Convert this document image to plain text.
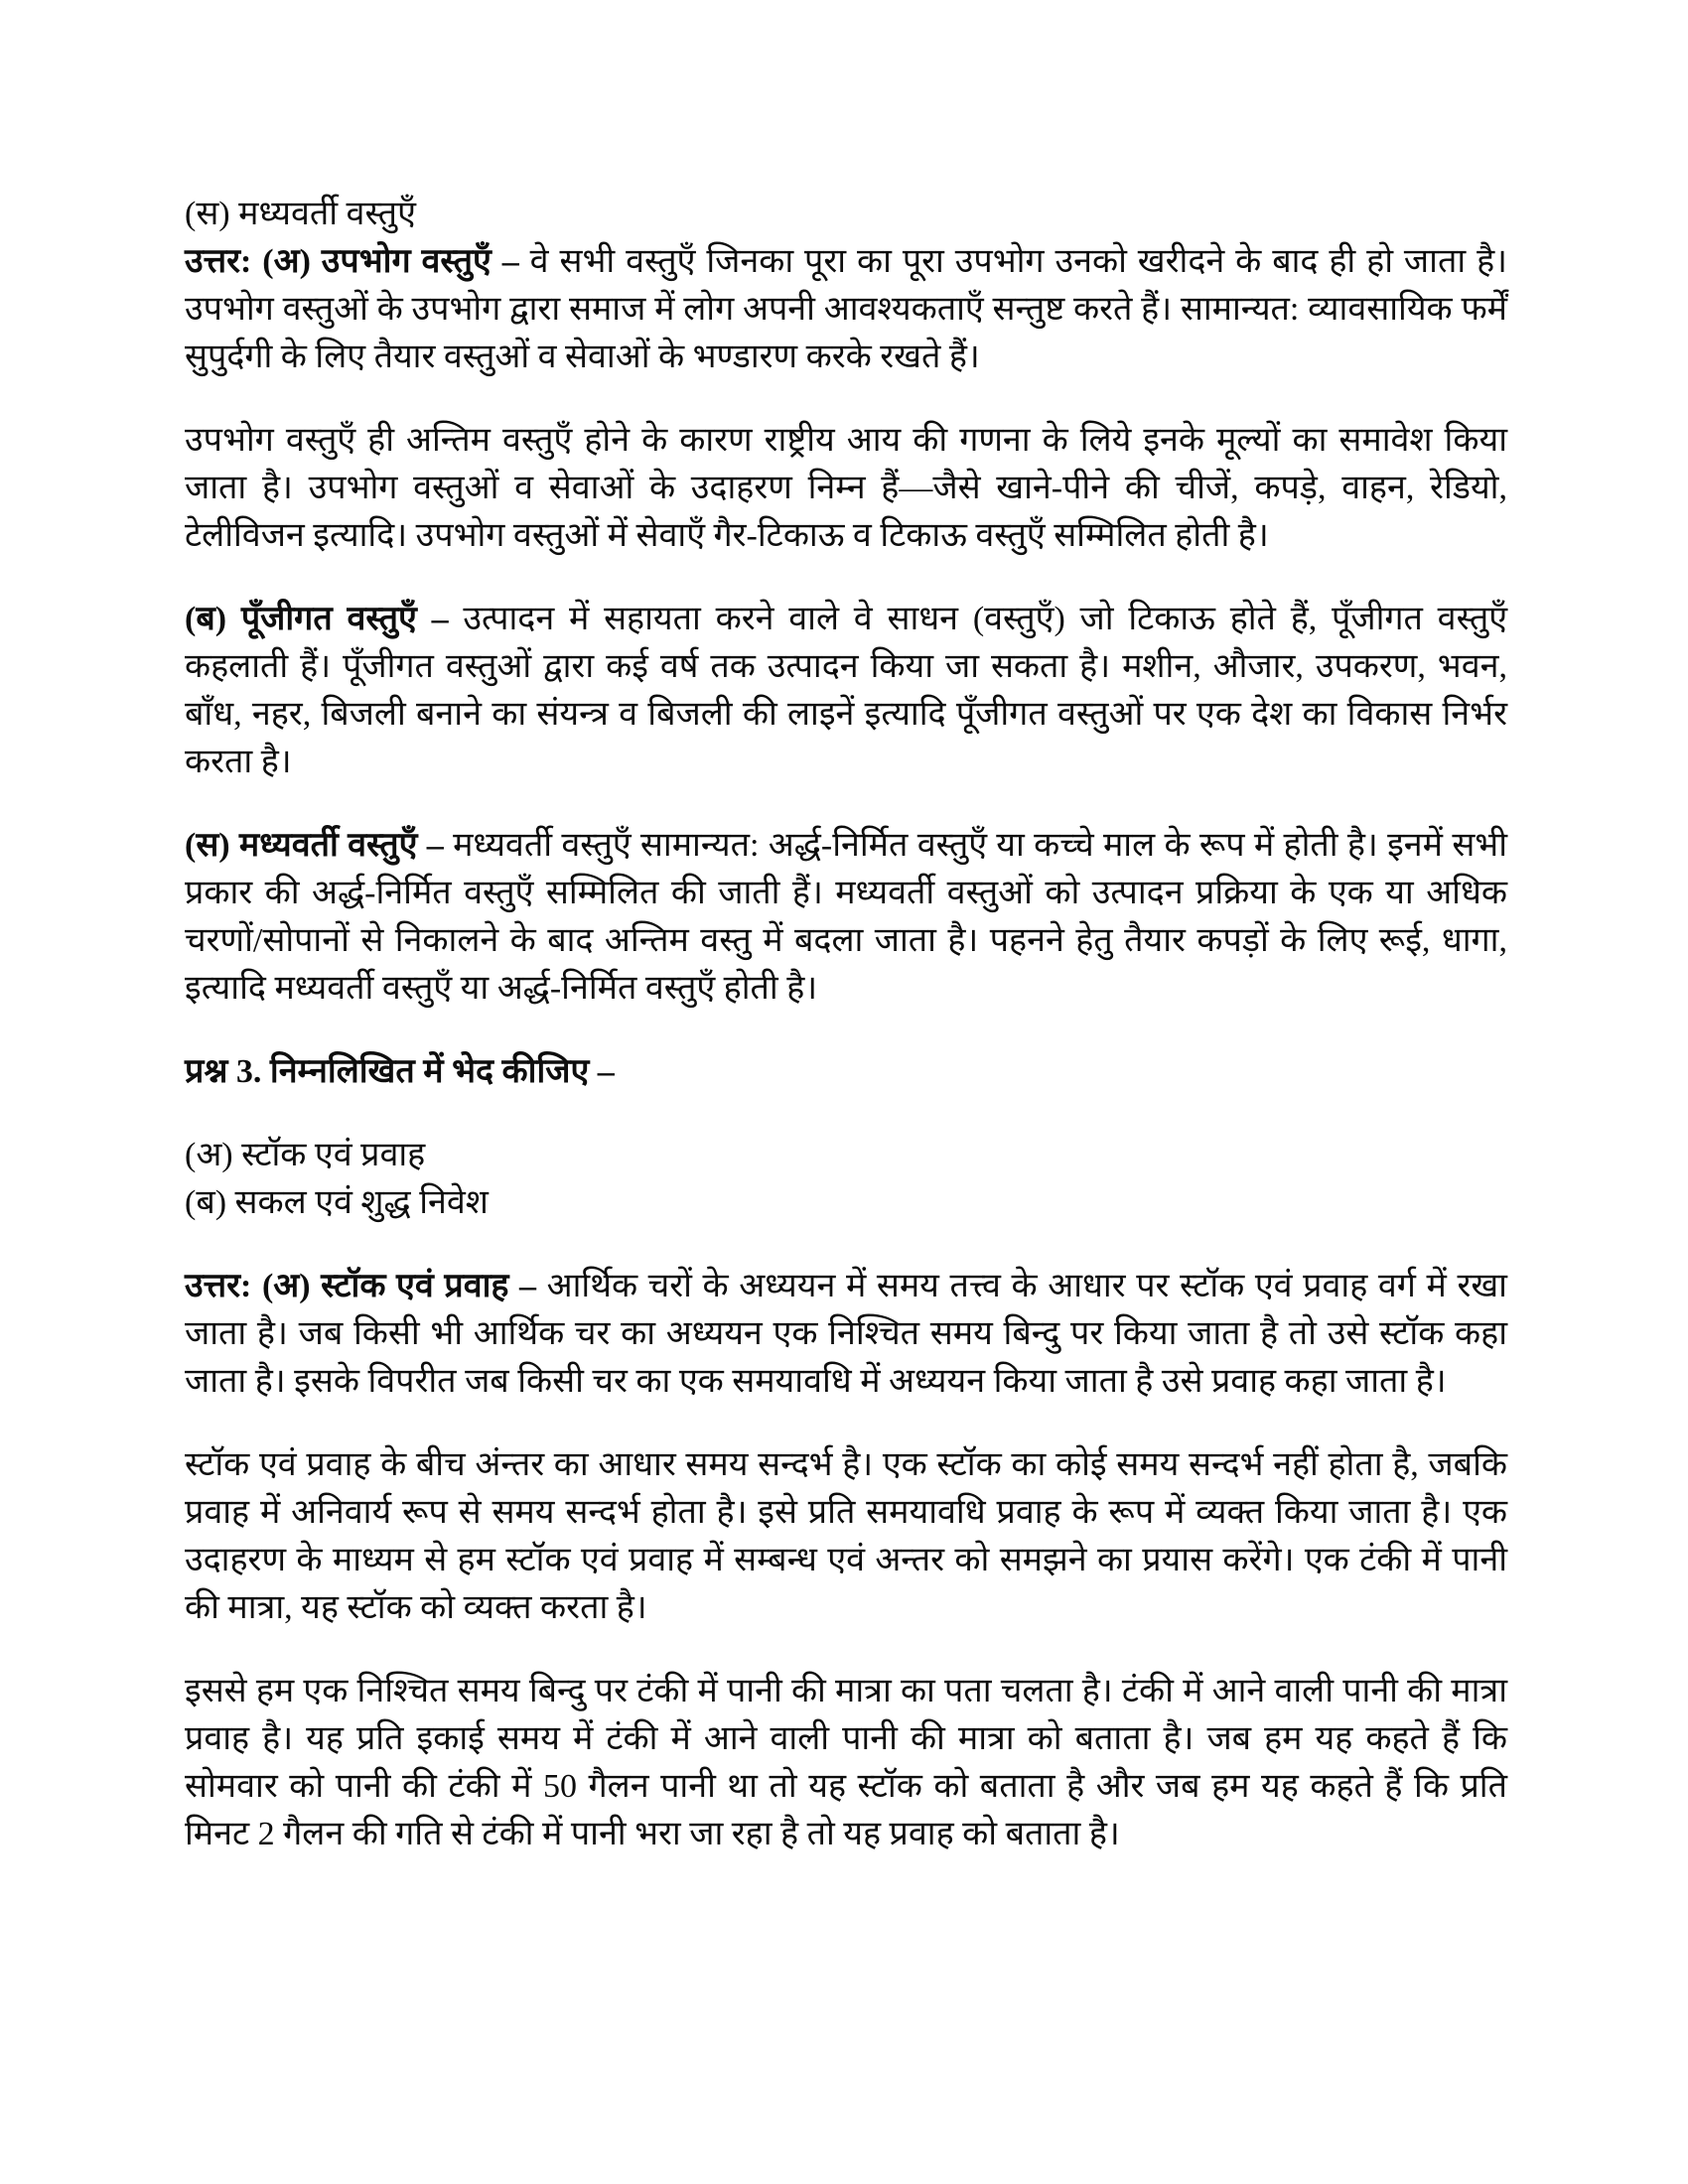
(स) मध्यवर्ती वस्तुएँ

उत्तर: (अ) उपभोग वस्तुएँ – वे सभी वस्तुएँ जिनका पूरा का पूरा उपभोग उनको खरीदने के बाद ही हो जाता है। उपभोग वस्तुओं के उपभोग द्वारा समाज में लोग अपनी आवश्यकताएँ सन्तुष्ट करते हैं। सामान्यत: व्यावसायिक फर्में सुपुर्दगी के लिए तैयार वस्तुओं व सेवाओं के भण्डारण करके रखते हैं।

उपभोग वस्तुएँ ही अन्तिम वस्तुएँ होने के कारण राष्ट्रीय आय की गणना के लिये इनके मूल्यों का समावेश किया जाता है। उपभोग वस्तुओं व सेवाओं के उदाहरण निम्न हैं—जैसे खाने-पीने की चीजें, कपड़े, वाहन, रेडियो, टेलीविजन इत्यादि। उपभोग वस्तुओं में सेवाएँ गैर-टिकाऊ व टिकाऊ वस्तुएँ सम्मिलित होती है।

(ब) पूँजीगत वस्तुएँ – उत्पादन में सहायता करने वाले वे साधन (वस्तुएँ) जो टिकाऊ होते हैं, पूँजीगत वस्तुएँ कहलाती हैं। पूँजीगत वस्तुओं द्वारा कई वर्ष तक उत्पादन किया जा सकता है। मशीन, औजार, उपकरण, भवन, बाँध, नहर, बिजली बनाने का संयन्त्र व बिजली की लाइनें इत्यादि पूँजीगत वस्तुओं पर एक देश का विकास निर्भर करता है।

(स) मध्यवर्ती वस्तुएँ – मध्यवर्ती वस्तुएँ सामान्यत: अर्द्ध-निर्मित वस्तुएँ या कच्चे माल के रूप में होती है। इनमें सभी प्रकार की अर्द्ध-निर्मित वस्तुएँ सम्मिलित की जाती हैं। मध्यवर्ती वस्तुओं को उत्पादन प्रक्रिया के एक या अधिक चरणों/सोपानों से निकालने के बाद अन्तिम वस्तु में बदला जाता है। पहनने हेतु तैयार कपड़ों के लिए रूई, धागा, इत्यादि मध्यवर्ती वस्तुएँ या अर्द्ध-निर्मित वस्तुएँ होती है।

प्रश्न 3. निम्नलिखित में भेद कीजिए –

(अ) स्टॉक एवं प्रवाह

(ब) सकल एवं शुद्ध निवेश

उत्तर: (अ) स्टॉक एवं प्रवाह – आर्थिक चरों के अध्ययन में समय तत्त्व के आधार पर स्टॉक एवं प्रवाह वर्ग में रखा जाता है। जब किसी भी आर्थिक चर का अध्ययन एक निश्चित समय बिन्दु पर किया जाता है तो उसे स्टॉक कहा जाता है। इसके विपरीत जब किसी चर का एक समयावधि में अध्ययन किया जाता है उसे प्रवाह कहा जाता है।

स्टॉक एवं प्रवाह के बीच अंन्तर का आधार समय सन्दर्भ है। एक स्टॉक का कोई समय सन्दर्भ नहीं होता है, जबकि प्रवाह में अनिवार्य रूप से समय सन्दर्भ होता है। इसे प्रति समयावधि प्रवाह के रूप में व्यक्त किया जाता है। एक उदाहरण के माध्यम से हम स्टॉक एवं प्रवाह में सम्बन्ध एवं अन्तर को समझने का प्रयास करेंगे। एक टंकी में पानी की मात्रा, यह स्टॉक को व्यक्त करता है।

इससे हम एक निश्चित समय बिन्दु पर टंकी में पानी की मात्रा का पता चलता है। टंकी में आने वाली पानी की मात्रा प्रवाह है। यह प्रति इकाई समय में टंकी में आने वाली पानी की मात्रा को बताता है। जब हम यह कहते हैं कि सोमवार को पानी की टंकी में 50 गैलन पानी था तो यह स्टॉक को बताता है और जब हम यह कहते हैं कि प्रति मिनट 2 गैलन की गति से टंकी में पानी भरा जा रहा है तो यह प्रवाह को बताता है।
